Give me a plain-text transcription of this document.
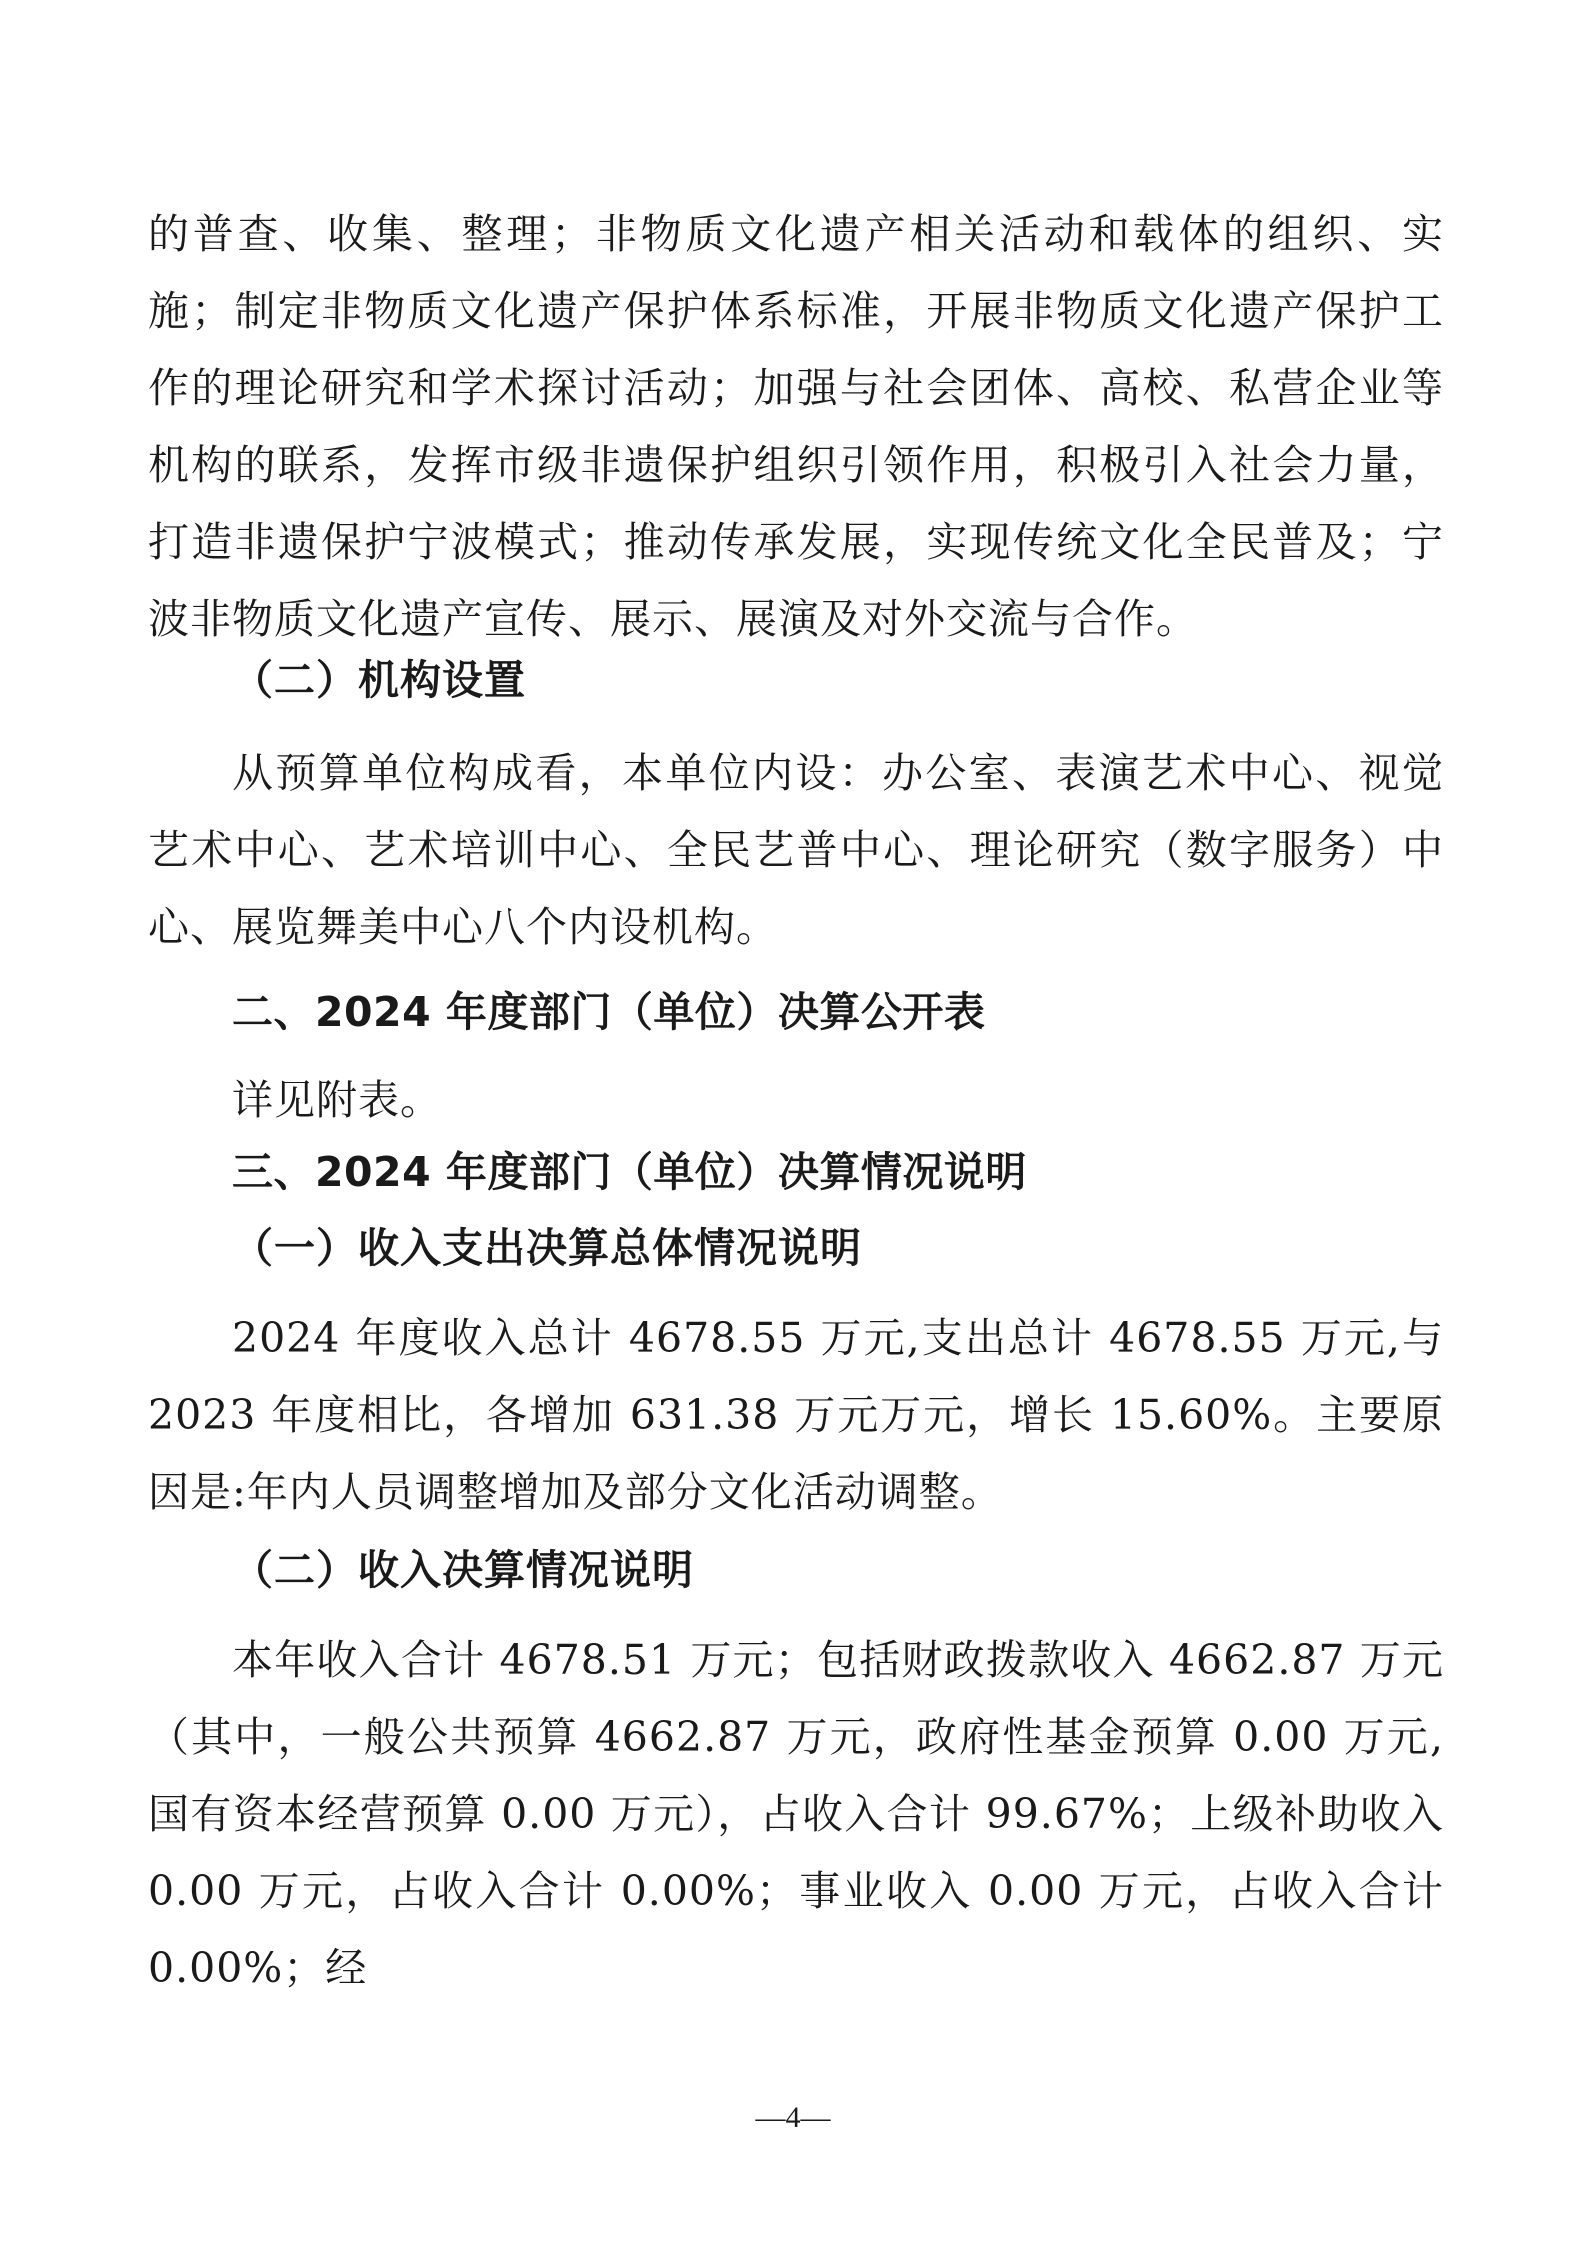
的普查、收集、整理；非物质文化遗产相关活动和载体的组织、实施；制定非物质文化遗产保护体系标准，开展非物质文化遗产保护工作的理论研究和学术探讨活动；加强与社会团体、高校、私营企业等机构的联系，发挥市级非遗保护组织引领作用，积极引入社会力量，打造非遗保护宁波模式；推动传承发展，实现传统文化全民普及；宁波非物质文化遗产宣传、展示、展演及对外交流与合作。

（二）机构设置

从预算单位构成看，本单位内设：办公室、表演艺术中心、视觉艺术中心、艺术培训中心、全民艺普中心、理论研究（数字服务）中心、展览舞美中心八个内设机构。

二、2024 年度部门（单位）决算公开表

详见附表。

三、2024 年度部门（单位）决算情况说明
（一）收入支出决算总体情况说明

2024 年度收入总计 4678.55 万元,支出总计 4678.55 万元,与 2023 年度相比，各增加 631.38 万元万元，增长 15.60%。主要原因是:年内人员调整增加及部分文化活动调整。

（二）收入决算情况说明

本年收入合计 4678.51 万元；包括财政拨款收入 4662.87 万元（其中，一般公共预算 4662.87 万元，政府性基金预算 0.00 万元,国有资本经营预算 0.00 万元），占收入合计 99.67%；上级补助收入 0.00 万元，占收入合计 0.00%；事业收入 0.00 万元，占收入合计 0.00%；经

—4—
